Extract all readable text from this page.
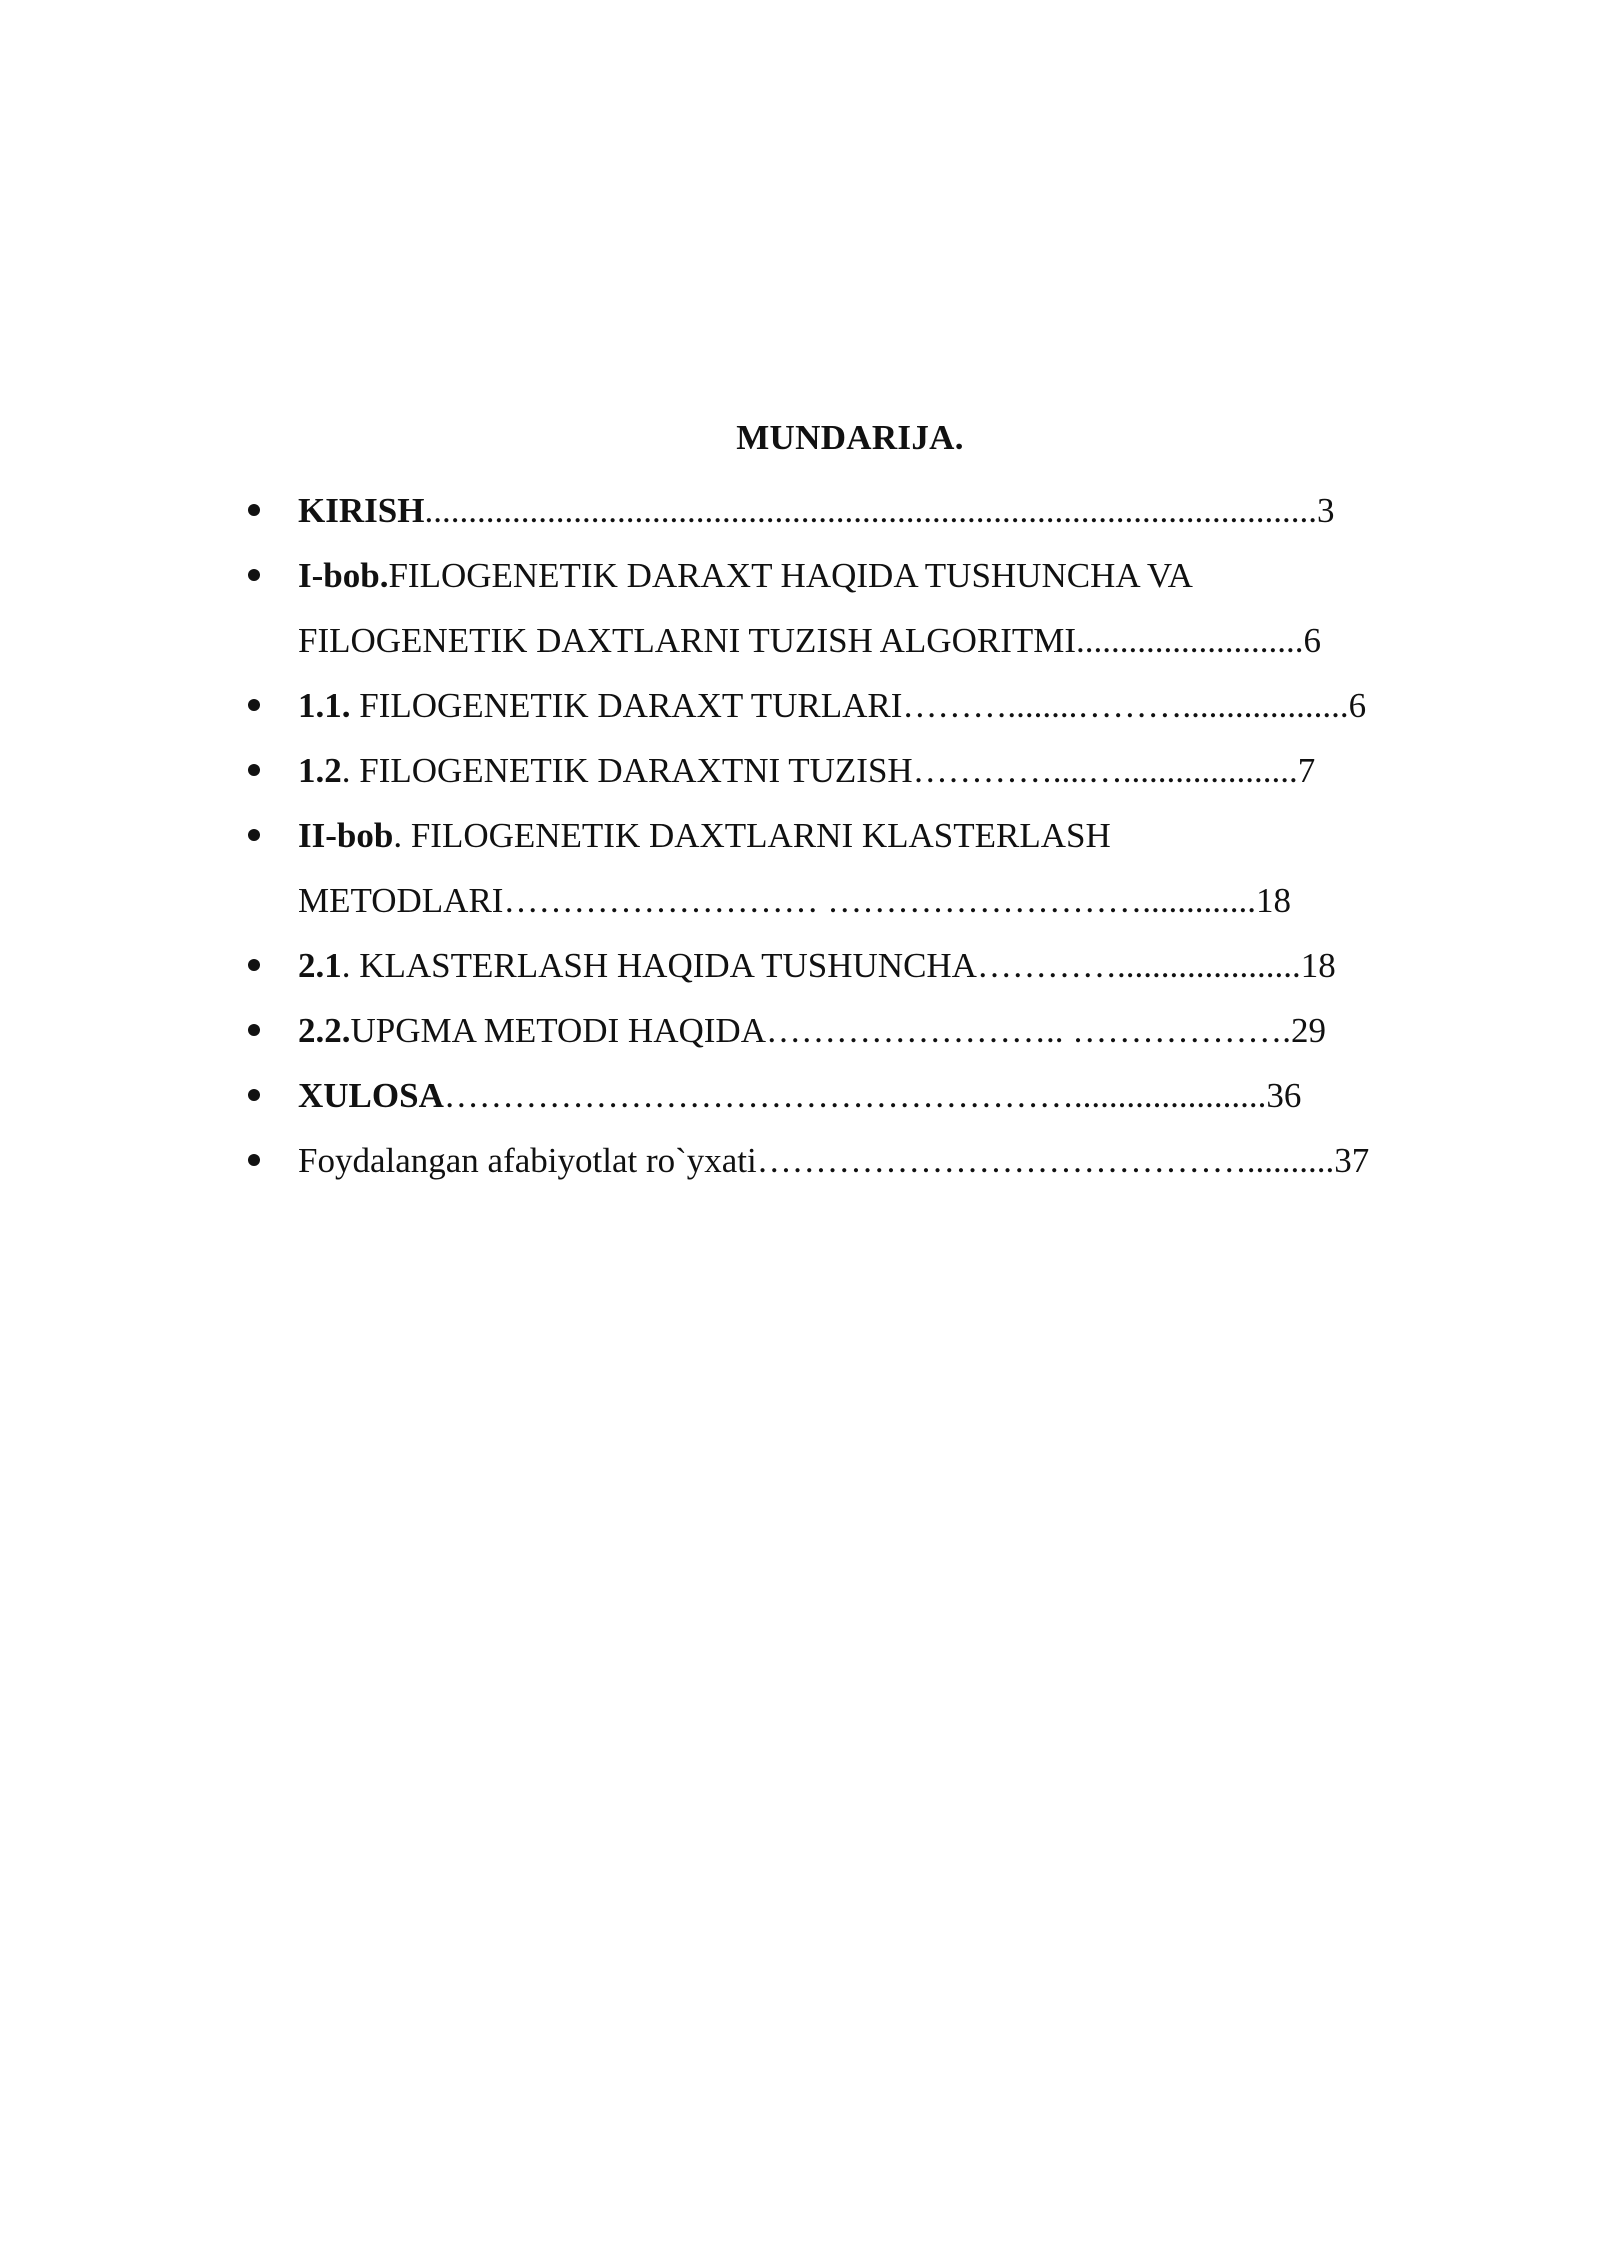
MUNDARIJA.
KIRISH......................................................................................................3
I-bob.FILOGENETIK DARAXT HAQIDA TUSHUNCHA VA
FILOGENETIK DAXTLARNI TUZISH ALGORITMI..........................6
1.1. FILOGENETIK DARAXT TURLARI………........………...................6
1.2. FILOGENETIK DARAXTNI TUZISH…………....…....................7
II-bob. FILOGENETIK DAXTLARNI KLASTERLASH
METODLARI……………………… ……………………….............18
2.1. KLASTERLASH HAQIDA TUSHUNCHA………….....................18
2.2.UPGMA METODI HAQIDA…………………….. ……………….29
XULOSA………………………………………………......................36
Foydalangan afabiyotlat ro`yxati……………………………………..........37
